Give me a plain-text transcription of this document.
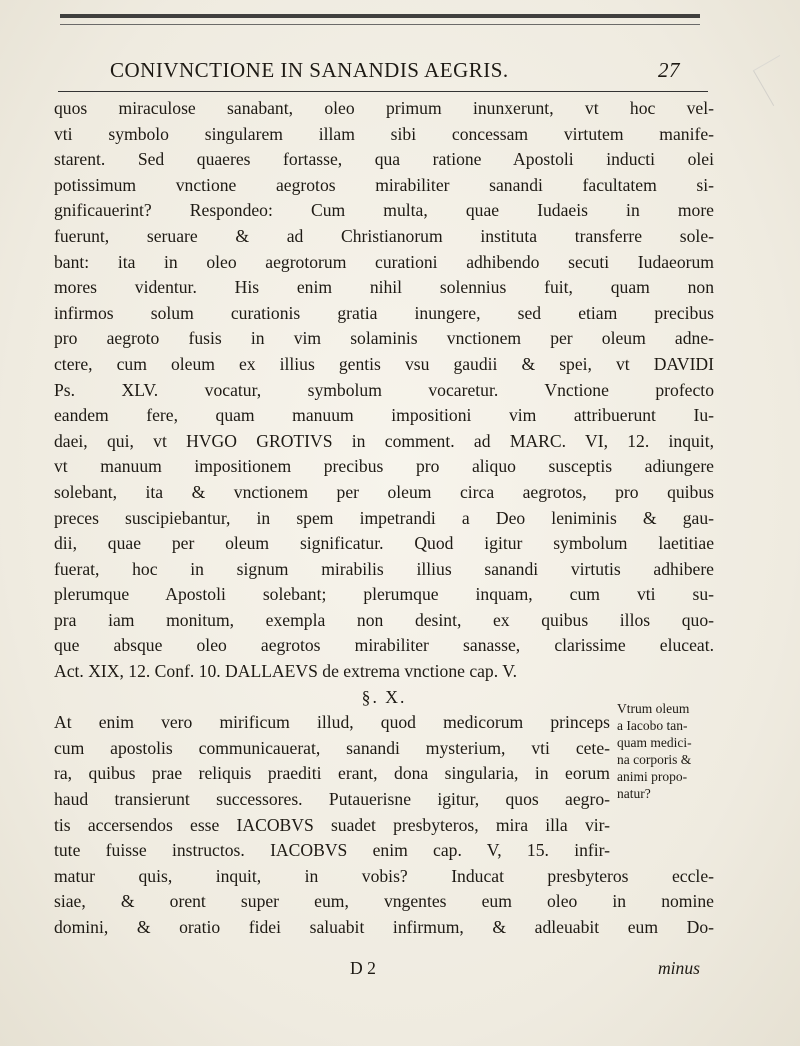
CONIVNCTIONE IN SANANDIS AEGRIS.	27
quos miraculose sanabant, oleo primum inunxerunt, vt hoc vel-
vti symbolo singularem illam sibi concessam virtutem manife-
starent. Sed quaeres fortasse, qua ratione Apostoli inducti olei
potissimum vnctione aegrotos mirabiliter sanandi facultatem si-
gnificauerint? Respondeo: Cum multa, quae Iudaeis in more
fuerunt, seruare & ad Christianorum instituta transferre sole-
bant: ita in oleo aegrotorum curationi adhibendo secuti Iudaeorum
mores videntur. His enim nihil solennius fuit, quam non
infirmos solum curationis gratia inungere, sed etiam precibus
pro aegroto fusis in vim solaminis vnctionem per oleum adne-
ctere, cum oleum ex illius gentis vsu gaudii & spei, vt DAVIDI
Ps. XLV. vocatur, symbolum vocaretur. Vnctione profecto
eandem fere, quam manuum impositioni vim attribuerunt Iu-
daei, qui, vt HVGO GROTIVS in comment. ad MARC. VI, 12. inquit,
vt manuum impositionem precibus pro aliquo susceptis adiungere
solebant, ita & vnctionem per oleum circa aegrotos, pro quibus
preces suscipiebantur, in spem impetrandi a Deo leniminis & gau-
dii, quae per oleum significatur. Quod igitur symbolum laetitiae
fuerat, hoc in signum mirabilis illius sanandi virtutis adhibere
plerumque Apostoli solebant; plerumque inquam, cum vti su-
pra iam monitum, exempla non desint, ex quibus illos quo-
que absque oleo aegrotos mirabiliter sanasse, clarissime eluceat.
Act. XIX, 12. Conf. 10. DALLAEVS de extrema vnctione cap. V.
§. X.
At enim vero mirificum illud, quod medicorum princeps
cum apostolis communicauerat, sanandi mysterium, vti cete-
ra, quibus prae reliquis praediti erant, dona singularia, in eorum
haud transierunt successores. Putauerisne igitur, quos aegro-
tis accersendos esse IACOBVS suadet presbyteros, mira illa vir-
tute fuisse instructos. IACOBVS enim cap. V, 15. infir-
matur quis, inquit, in vobis? Inducat presbyteros eccle-
siae, & orent super eum, vngentes eum oleo in nomine
domini, & oratio fidei saluabit infirmum, & adleuabit eum Do-
Vtrum oleum
a Iacobo tan-
quam medici-
na corporis &
animi propo-
natur?
D 2	minus
